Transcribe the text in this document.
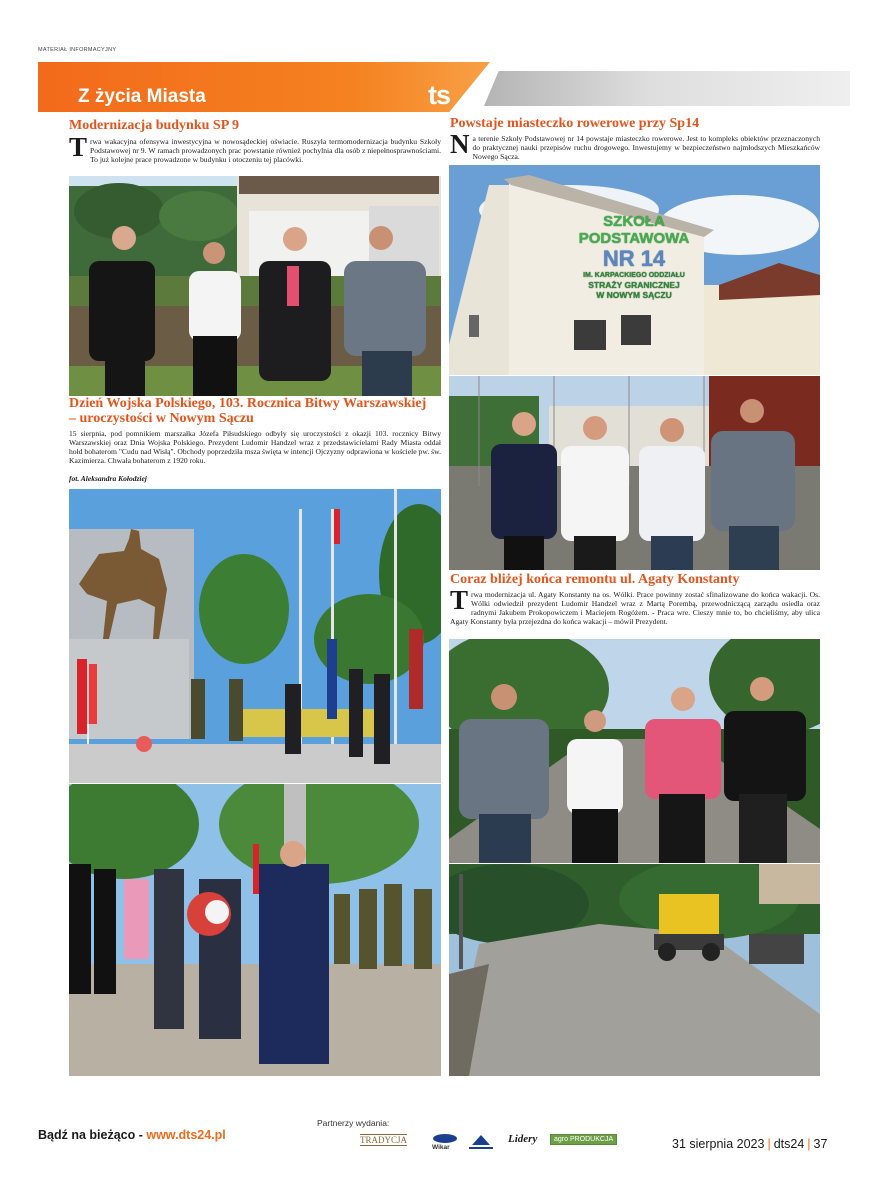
MATERIAŁ INFORMACYJNY
Z życia Miasta	ts
Modernizacja budynku SP 9
Trwa wakacyjna ofensywa inwestycyjna w nowosądeckiej oświacie. Ruszyła termomodernizacja budynku Szkoły Podstawowej nr 9. W ramach prowadzonych prac powstanie również pochylnia dla osób z niepełnosprawnościami. To już kolejne prace prowadzone w budynku i otoczeniu tej placówki.
Dzień Wojska Polskiego, 103. Rocznica Bitwy Warszawskiej
– uroczystości w Nowym Sączu
15 sierpnia, pod pomnikiem marszałka Józefa Piłsudskiego odbyły się uroczystości z okazji 103. rocznicy Bitwy Warszawskiej oraz Dnia Wojska Polskiego. Prezydent Ludomir Handzel wraz z przedstawicielami Rady Miasta oddał hołd bohaterom "Cudu nad Wisłą". Obchody poprzedziła msza święta w intencji Ojczyzny odprawiona w kościele pw. św. Kazimierza. Chwała bohaterom z 1920 roku.
fot. Aleksandra Kołodziej
Powstaje miasteczko rowerowe przy Sp14
Na terenie Szkoły Podstawowej nr 14 powstaje miasteczko rowerowe. Jest to kompleks obiektów przeznaczonych do praktycznej nauki przepisów ruchu drogowego. Inwestujemy w bezpieczeństwo najmłodszych Mieszkańców Nowego Sącza.
SZKOŁA PODSTAWOWA
NR 14
IM. KARPACKIEGO ODDZIAŁU
STRAŻY GRANICZNEJ
W NOWYM SĄCZU
Coraz bliżej końca remontu ul. Agaty Konstanty
Trwa modernizacja ul. Agaty Konstanty na os. Wólki. Prace powinny zostać sfinalizowane do końca wakacji. Os. Wólki odwiedził prezydent Ludomir Handzel wraz z Martą Porembą, przewodniczącą zarządu osiedla oraz radnymi Jakubem Prokopowiczem i Maciejem Rogóżem. - Praca wre. Cieszy mnie to, bo chcieliśmy, aby ulica Agaty Konstanty była przejezdna do końca wakacji – mówił Prezydent.
Bądź na bieżąco - www.dts24.pl
Partnerzy wydania:
TRADYCJA
Wikar
Lidery	agro PRODUKCJA	31 sierpnia 2023 | dts24 | 37
